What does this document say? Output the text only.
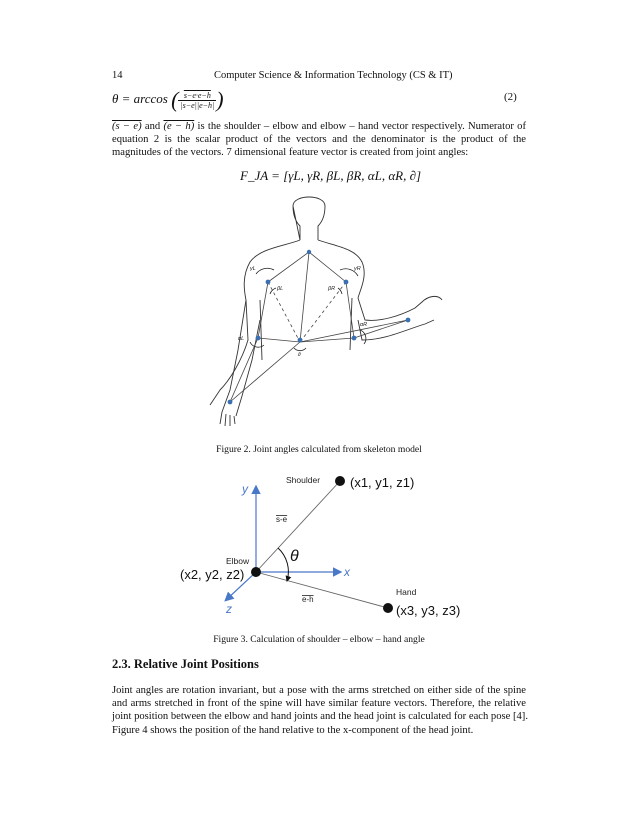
14	Computer Science & Information Technology (CS & IT)
θ = arccos ( $\frac{s-e\cdot e-h}{|s-e||e-h|}$ )	(2)
(s − e) and (e − h) is the shoulder – elbow and elbow – hand vector respectively. Numerator of
equation 2 is the scalar product of the vectors and the denominator is the product of the
magnitudes of the vectors. 7 dimensional feature vector is created from joint angles:
F_JA = [γL, γR, βL, βR, αL, αR, ∂]
γL	γR
βL	βR
αL
αR
∂
Figure 2. Joint angles calculated from skeleton model
y
x
z
θ
Shoulder (x1, y1, z1)
Elbow
(x2, y2, z2)
Hand
(x3, y3, z3)
s-e
e-h
Figure 3. Calculation of shoulder – elbow – hand angle
2.3. Relative Joint Positions
Joint angles are rotation invariant, but a pose with the arms stretched on either side of the spine
and arms stretched in front of the spine will have similar feature vectors. Therefore, the relative
joint position between the elbow and hand joints and the head joint is calculated for each pose [4].
Figure 4 shows the position of the hand relative to the x-component of the head joint.
